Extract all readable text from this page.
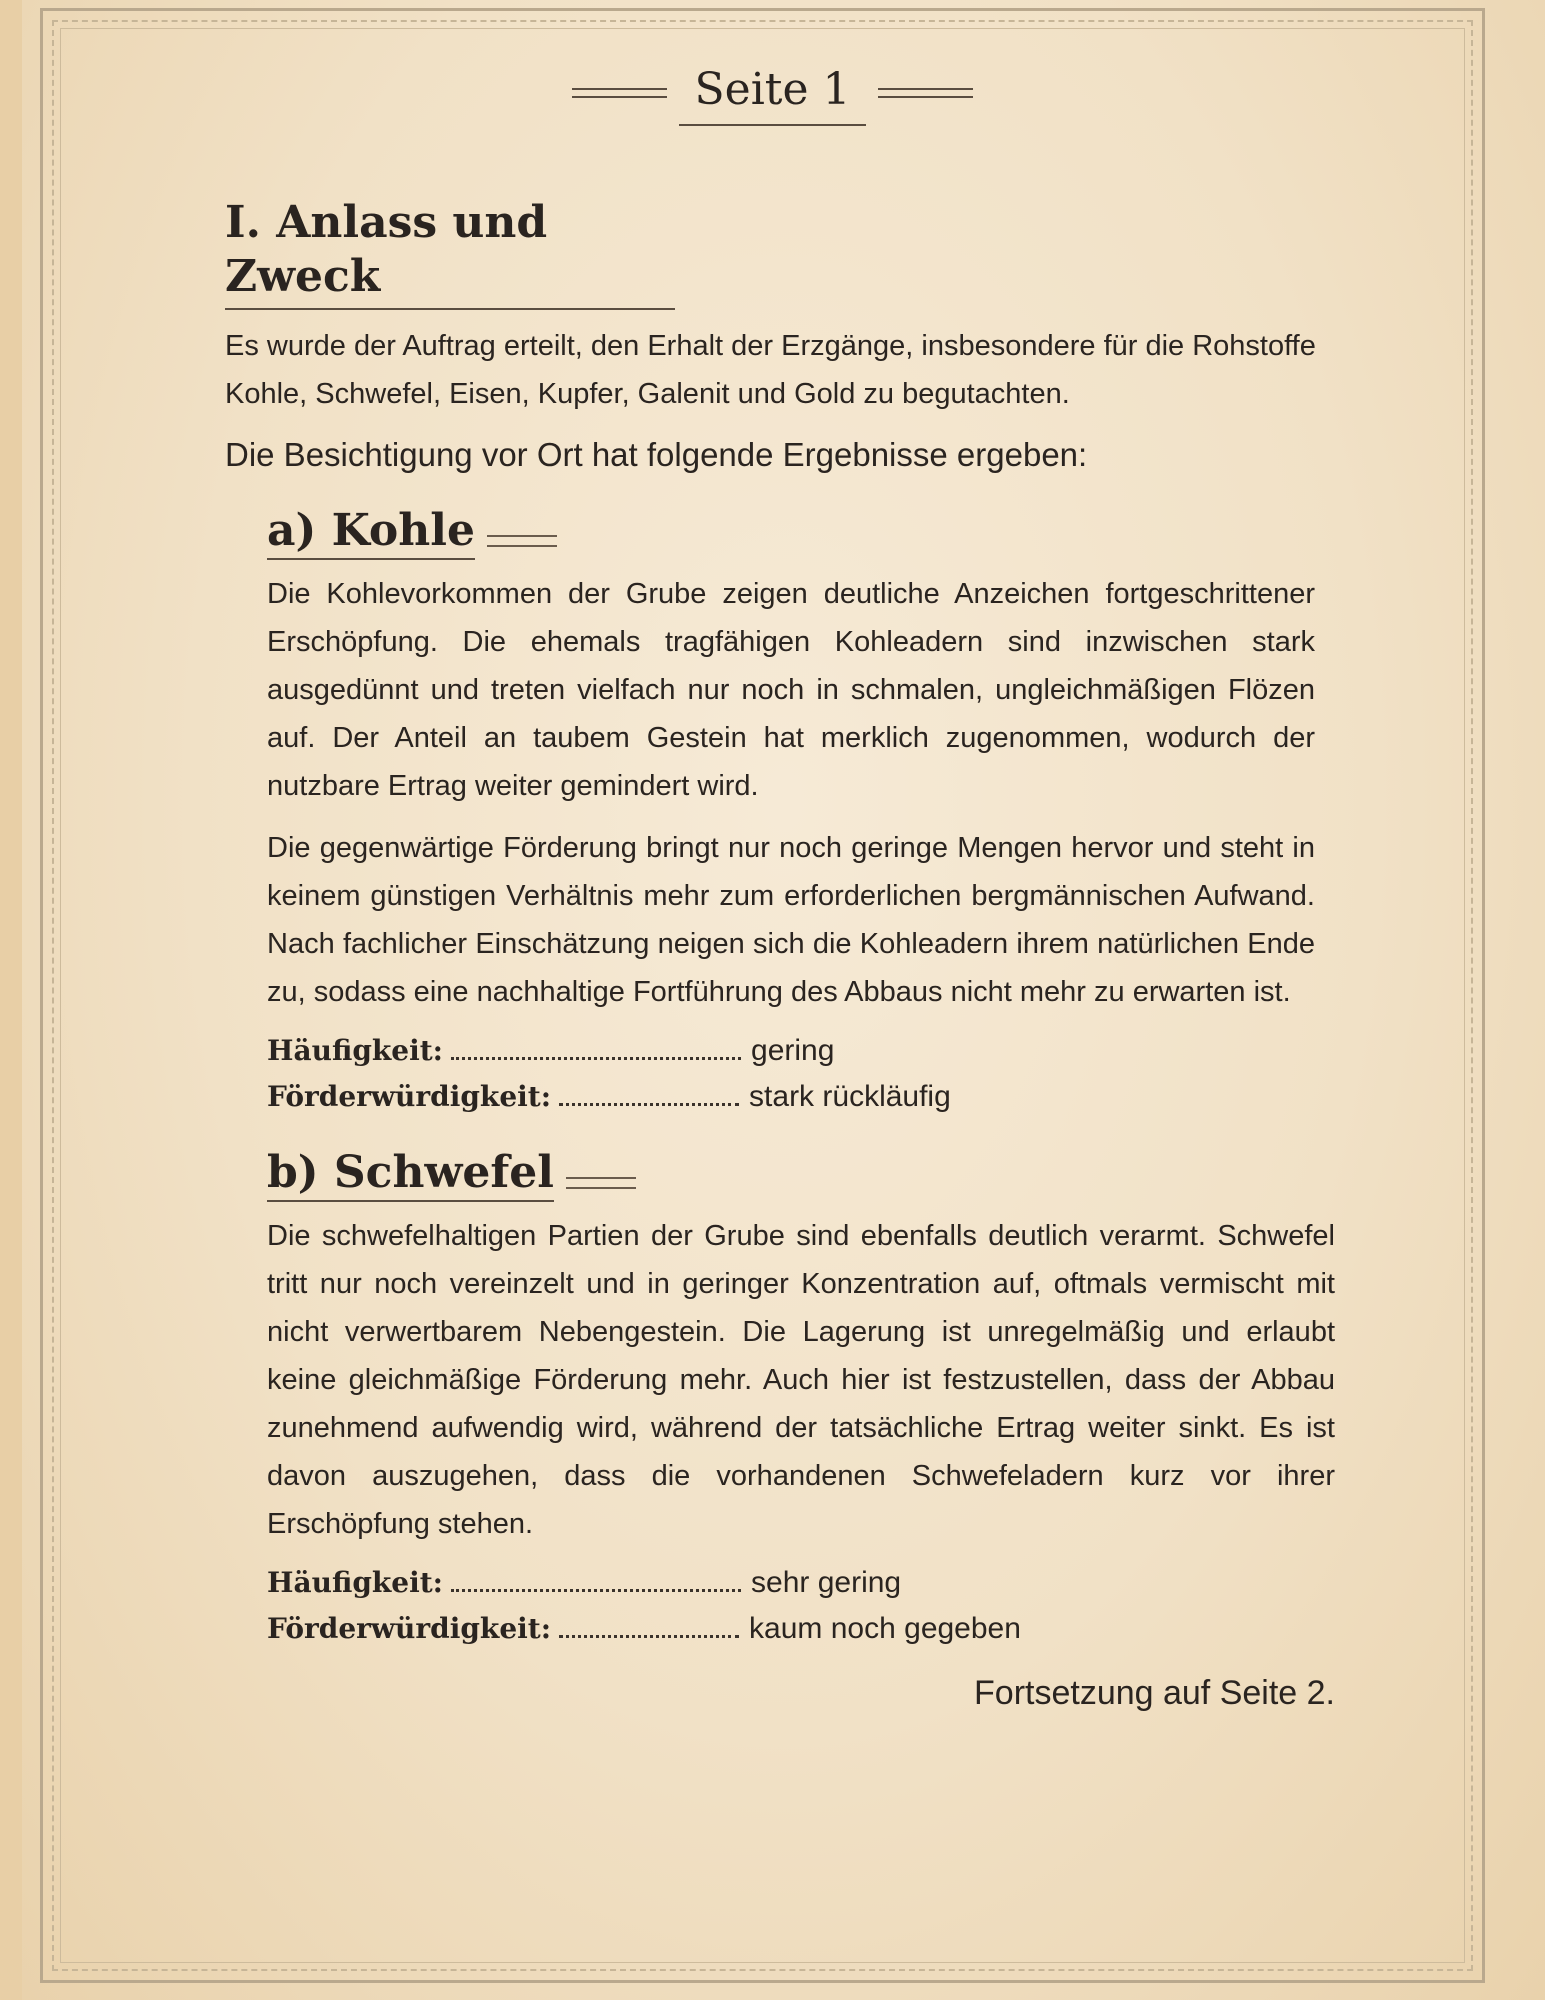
Seite 1
I. Anlass und Zweck
Es wurde der Auftrag erteilt, den Erhalt der Erzgänge, insbesondere für die Rohstoffe Kohle, Schwefel, Eisen, Kupfer, Galenit und Gold zu begutachten.
Die Besichtigung vor Ort hat folgende Ergebnisse ergeben:
a) Kohle
Die Kohlevorkommen der Grube zeigen deutliche Anzeichen fortgeschrittener Erschöpfung. Die ehemals tragfähigen Kohleadern sind inzwischen stark ausgedünnt und treten vielfach nur noch in schmalen, ungleichmäßigen Flözen auf. Der Anteil an taubem Gestein hat merklich zugenommen, wodurch der nutzbare Ertrag weiter gemindert wird.
Die gegenwärtige Förderung bringt nur noch geringe Mengen hervor und steht in keinem günstigen Verhältnis mehr zum erforderlichen bergmännischen Aufwand. Nach fachlicher Einschätzung neigen sich die Kohleadern ihrem natürlichen Ende zu, sodass eine nachhaltige Fortführung des Abbaus nicht mehr zu erwarten ist.
Häufigkeit:	gering
Förderwürdigkeit:	stark rückläufig
b) Schwefel
Die schwefelhaltigen Partien der Grube sind ebenfalls deutlich verarmt. Schwefel tritt nur noch vereinzelt und in geringer Konzentration auf, oftmals vermischt mit nicht verwertbarem Nebengestein. Die Lagerung ist unregelmäßig und erlaubt keine gleichmäßige Förderung mehr. Auch hier ist festzustellen, dass der Abbau zunehmend aufwendig wird, während der tatsächliche Ertrag weiter sinkt. Es ist davon auszugehen, dass die vorhandenen Schwefeladern kurz vor ihrer Erschöpfung stehen.
Häufigkeit:	sehr gering
Förderwürdigkeit:	kaum noch gegeben
Fortsetzung auf Seite 2.
